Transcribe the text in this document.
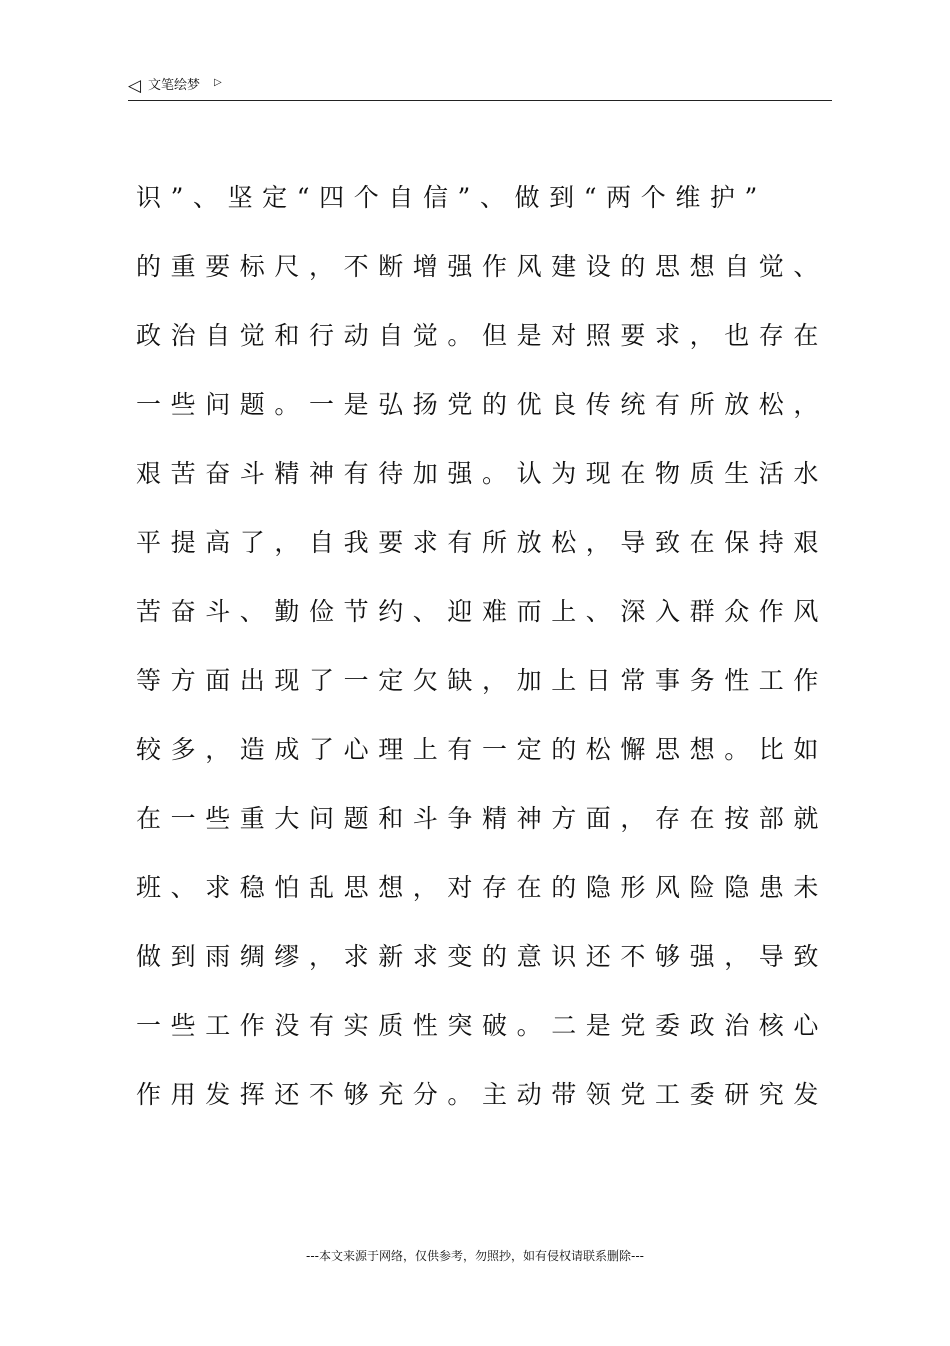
◁ 文笔绘梦 ▷
识”、坚定“四个自信”、做到“两个维护”
的重要标尺，不断增强作风建设的思想自觉、
政治自觉和行动自觉。但是对照要求，也存在
一些问题。一是弘扬党的优良传统有所放松，
艰苦奋斗精神有待加强。认为现在物质生活水
平提高了，自我要求有所放松，导致在保持艰
苦奋斗、勤俭节约、迎难而上、深入群众作风
等方面出现了一定欠缺，加上日常事务性工作
较多，造成了心理上有一定的松懈思想。比如
在一些重大问题和斗争精神方面，存在按部就
班、求稳怕乱思想，对存在的隐形风险隐患未
做到雨绸缪，求新求变的意识还不够强，导致
一些工作没有实质性突破。二是党委政治核心
作用发挥还不够充分。主动带领党工委研究发
---本文来源于网络，仅供参考，勿照抄，如有侵权请联系删除---
